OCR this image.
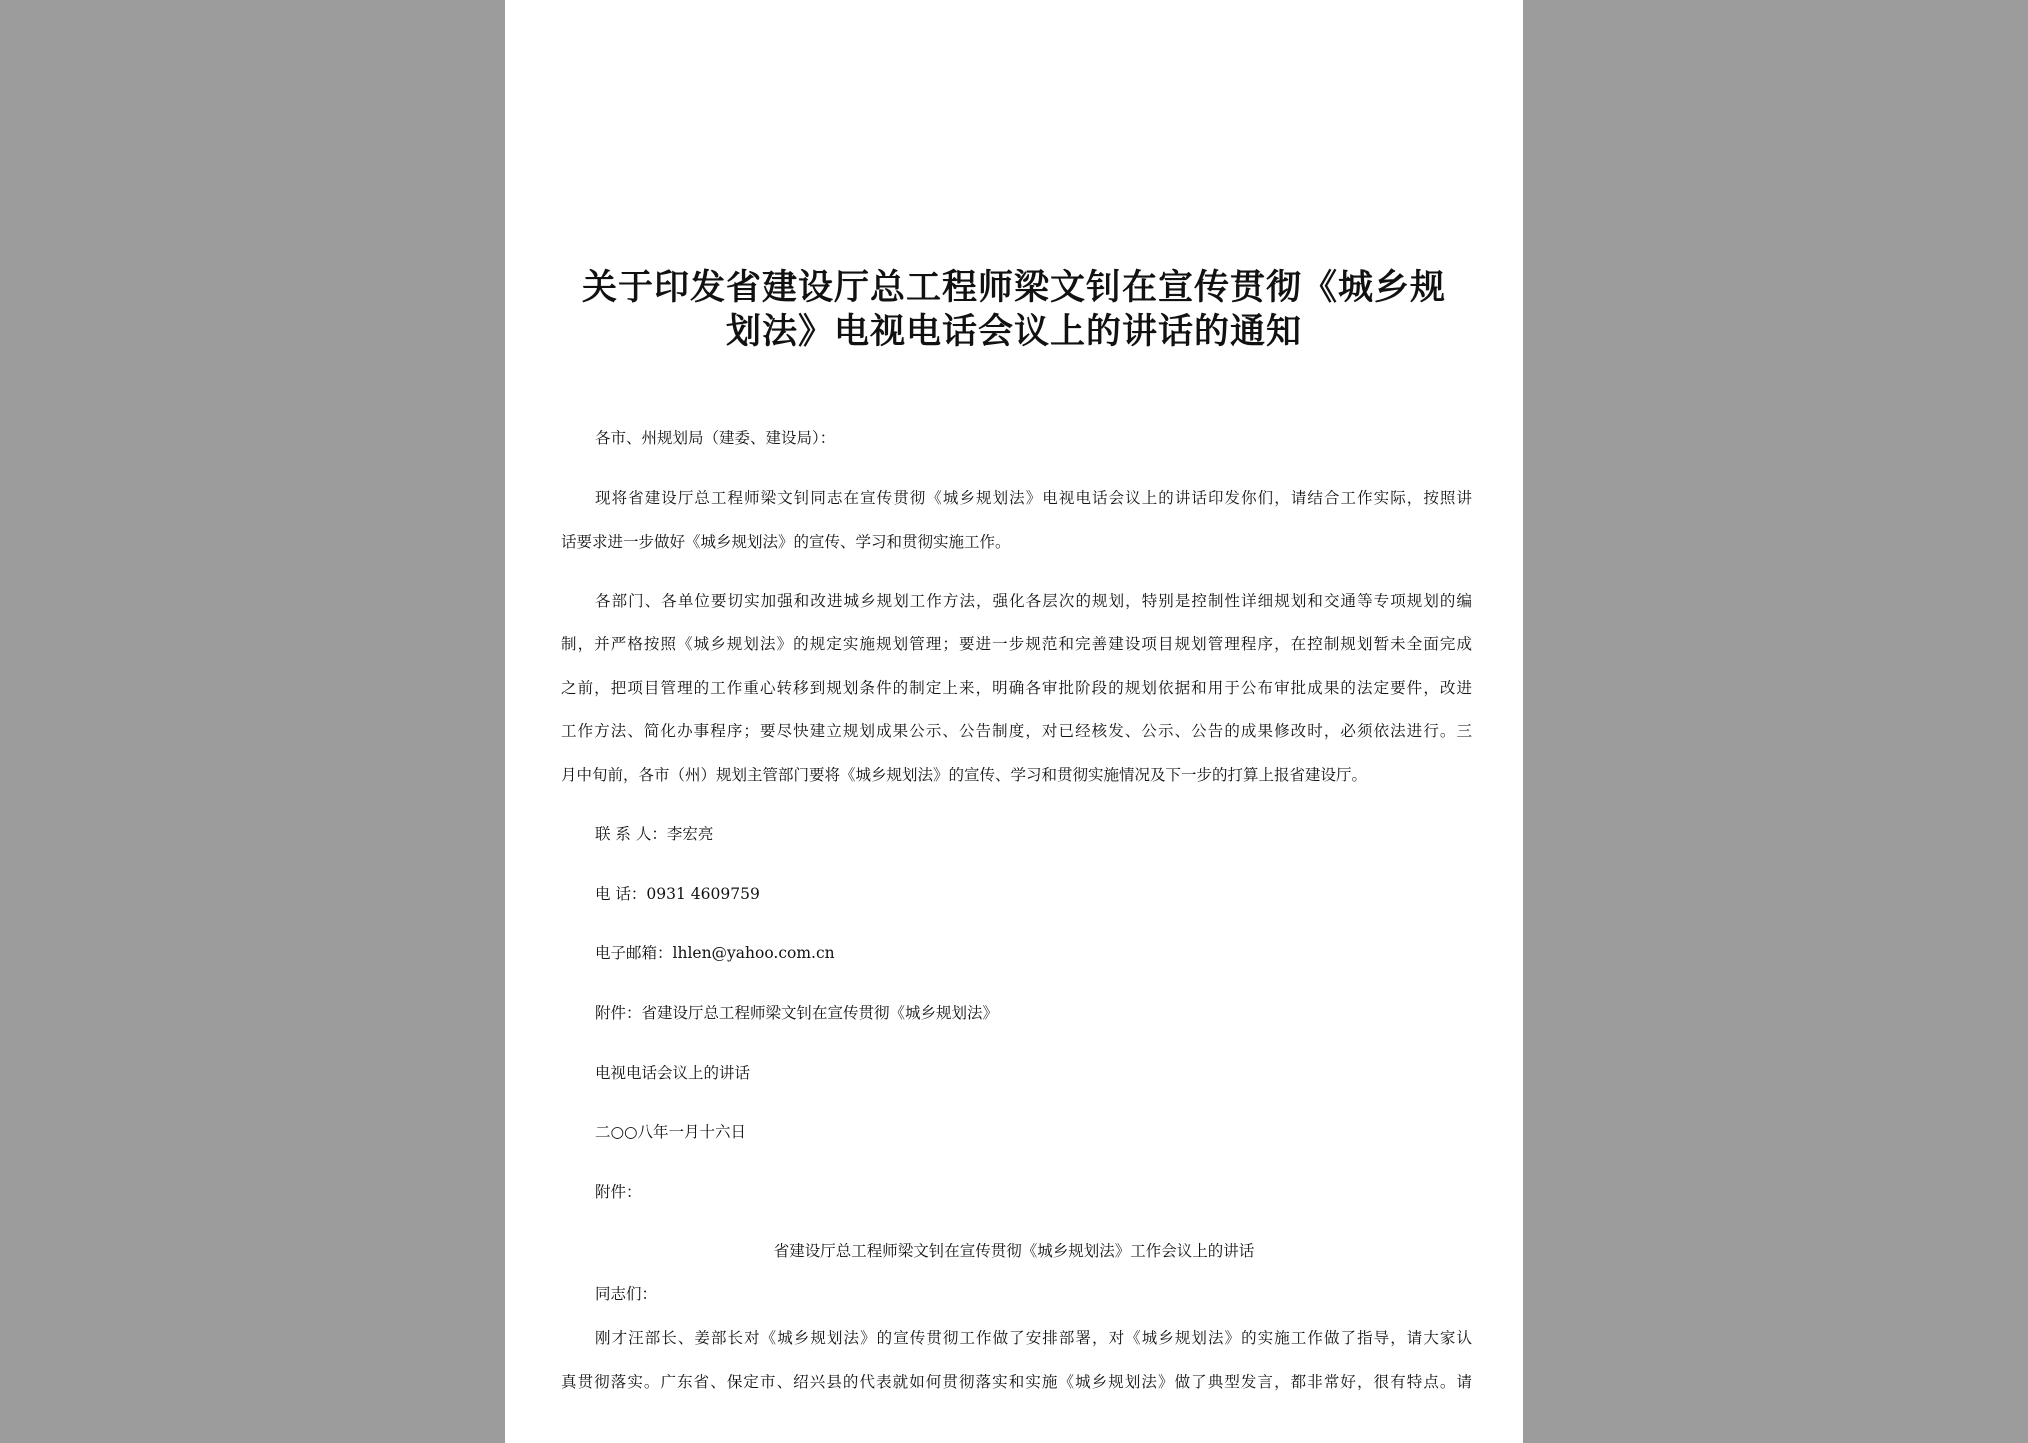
关于印发省建设厅总工程师梁文钊在宣传贯彻《城乡规
划法》电视电话会议上的讲话的通知
各市、州规划局（建委、建设局）：
现将省建设厅总工程师梁文钊同志在宣传贯彻《城乡规划法》电视电话会议上的讲话印发你们，请结合工作实际，按照讲
话要求进一步做好《城乡规划法》的宣传、学习和贯彻实施工作。
各部门、各单位要切实加强和改进城乡规划工作方法，强化各层次的规划，特别是控制性详细规划和交通等专项规划的编
制，并严格按照《城乡规划法》的规定实施规划管理；要进一步规范和完善建设项目规划管理程序，在控制规划暂未全面完成
之前，把项目管理的工作重心转移到规划条件的制定上来，明确各审批阶段的规划依据和用于公布审批成果的法定要件，改进
工作方法、简化办事程序；要尽快建立规划成果公示、公告制度，对已经核发、公示、公告的成果修改时，必须依法进行。三
月中旬前，各市（州）规划主管部门要将《城乡规划法》的宣传、学习和贯彻实施情况及下一步的打算上报省建设厅。
联 系 人：李宏亮
电 话：0931 4609759
电子邮箱：lhlen@yahoo.com.cn
附件：省建设厅总工程师梁文钊在宣传贯彻《城乡规划法》
电视电话会议上的讲话
二○○八年一月十六日
附件：
省建设厅总工程师梁文钊在宣传贯彻《城乡规划法》工作会议上的讲话
同志们：
刚才汪部长、姜部长对《城乡规划法》的宣传贯彻工作做了安排部署，对《城乡规划法》的实施工作做了指导，请大家认
真贯彻落实。广东省、保定市、绍兴县的代表就如何贯彻落实和实施《城乡规划法》做了典型发言，都非常好，很有特点。请
